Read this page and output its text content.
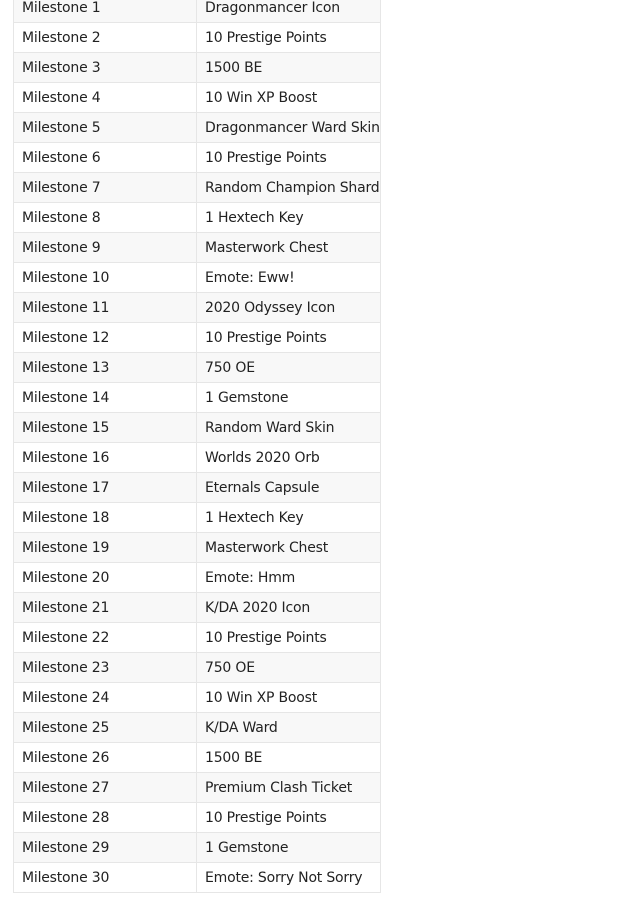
Milestone 1	Dragonmancer Icon
Milestone 2	10 Prestige Points
Milestone 3	1500 BE
Milestone 4	10 Win XP Boost
Milestone 5	Dragonmancer Ward Skin
Milestone 6	10 Prestige Points
Milestone 7	Random Champion Shard
Milestone 8	1 Hextech Key
Milestone 9	Masterwork Chest
Milestone 10	Emote: Eww!
Milestone 11	2020 Odyssey Icon
Milestone 12	10 Prestige Points
Milestone 13	750 OE
Milestone 14	1 Gemstone
Milestone 15	Random Ward Skin
Milestone 16	Worlds 2020 Orb
Milestone 17	Eternals Capsule
Milestone 18	1 Hextech Key
Milestone 19	Masterwork Chest
Milestone 20	Emote: Hmm
Milestone 21	K/DA 2020 Icon
Milestone 22	10 Prestige Points
Milestone 23	750 OE
Milestone 24	10 Win XP Boost
Milestone 25	K/DA Ward
Milestone 26	1500 BE
Milestone 27	Premium Clash Ticket
Milestone 28	10 Prestige Points
Milestone 29	1 Gemstone
Milestone 30	Emote: Sorry Not Sorry
